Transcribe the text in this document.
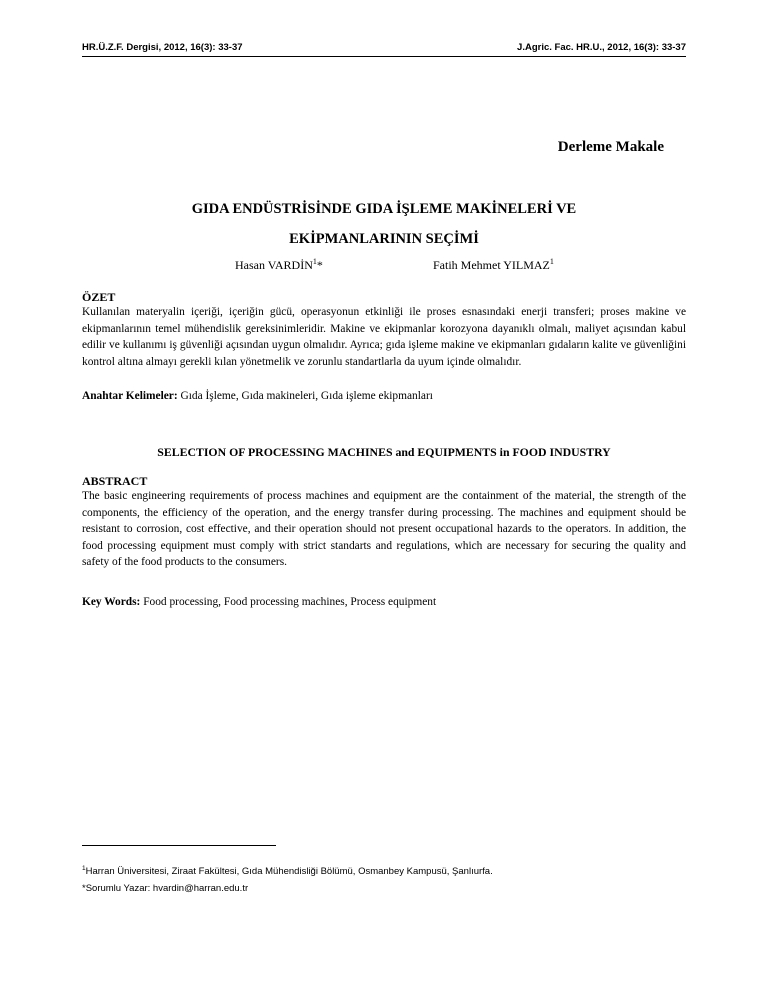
HR.Ü.Z.F. Dergisi, 2012, 16(3): 33-37	J.Agric. Fac. HR.U., 2012, 16(3): 33-37
Derleme Makale
GIDA ENDÜSTRİSİNDE GIDA İŞLEME MAKİNELERİ VE
EKİPMANLARININ SEÇİMİ
Hasan VARDİN$^1$*	Fatih Mehmet YILMAZ$^1$
ÖZET
Kullanılan materyalin içeriği, içeriğin gücü, operasyonun etkinliği ile proses esnasındaki enerji transferi; proses makine ve ekipmanlarının temel mühendislik gereksinimleridir. Makine ve ekipmanlar korozyona dayanıklı olmalı, maliyet açısından kabul edilir ve kullanımı iş güvenliği açısından uygun olmalıdır. Ayrıca; gıda işleme makine ve ekipmanları gıdaların kalite ve güvenliğini kontrol altına almayı gerekli kılan yönetmelik ve zorunlu standartlarla da uyum içinde olmalıdır.
Anahtar Kelimeler: Gıda İşleme, Gıda makineleri, Gıda işleme ekipmanları
SELECTION OF PROCESSING MACHINES and EQUIPMENTS in FOOD INDUSTRY
ABSTRACT
The basic engineering requirements of process machines and equipment are the containment of the material, the strength of the components, the efficiency of the operation, and the energy transfer during processing. The machines and equipment should be resistant to corrosion, cost effective, and their operation should not present occupational hazards to the operators. In addition, the food processing equipment must comply with strict standarts and regulations, which are necessary for securing the quality and safety of the food products to the consumers.
Key Words: Food processing, Food processing machines, Process equipment
$^1$Harran Üniversitesi, Ziraat Fakültesi, Gıda Mühendisliği Bölümü, Osmanbey Kampusü, Şanlıurfa.
*Sorumlu Yazar: hvardin@harran.edu.tr
